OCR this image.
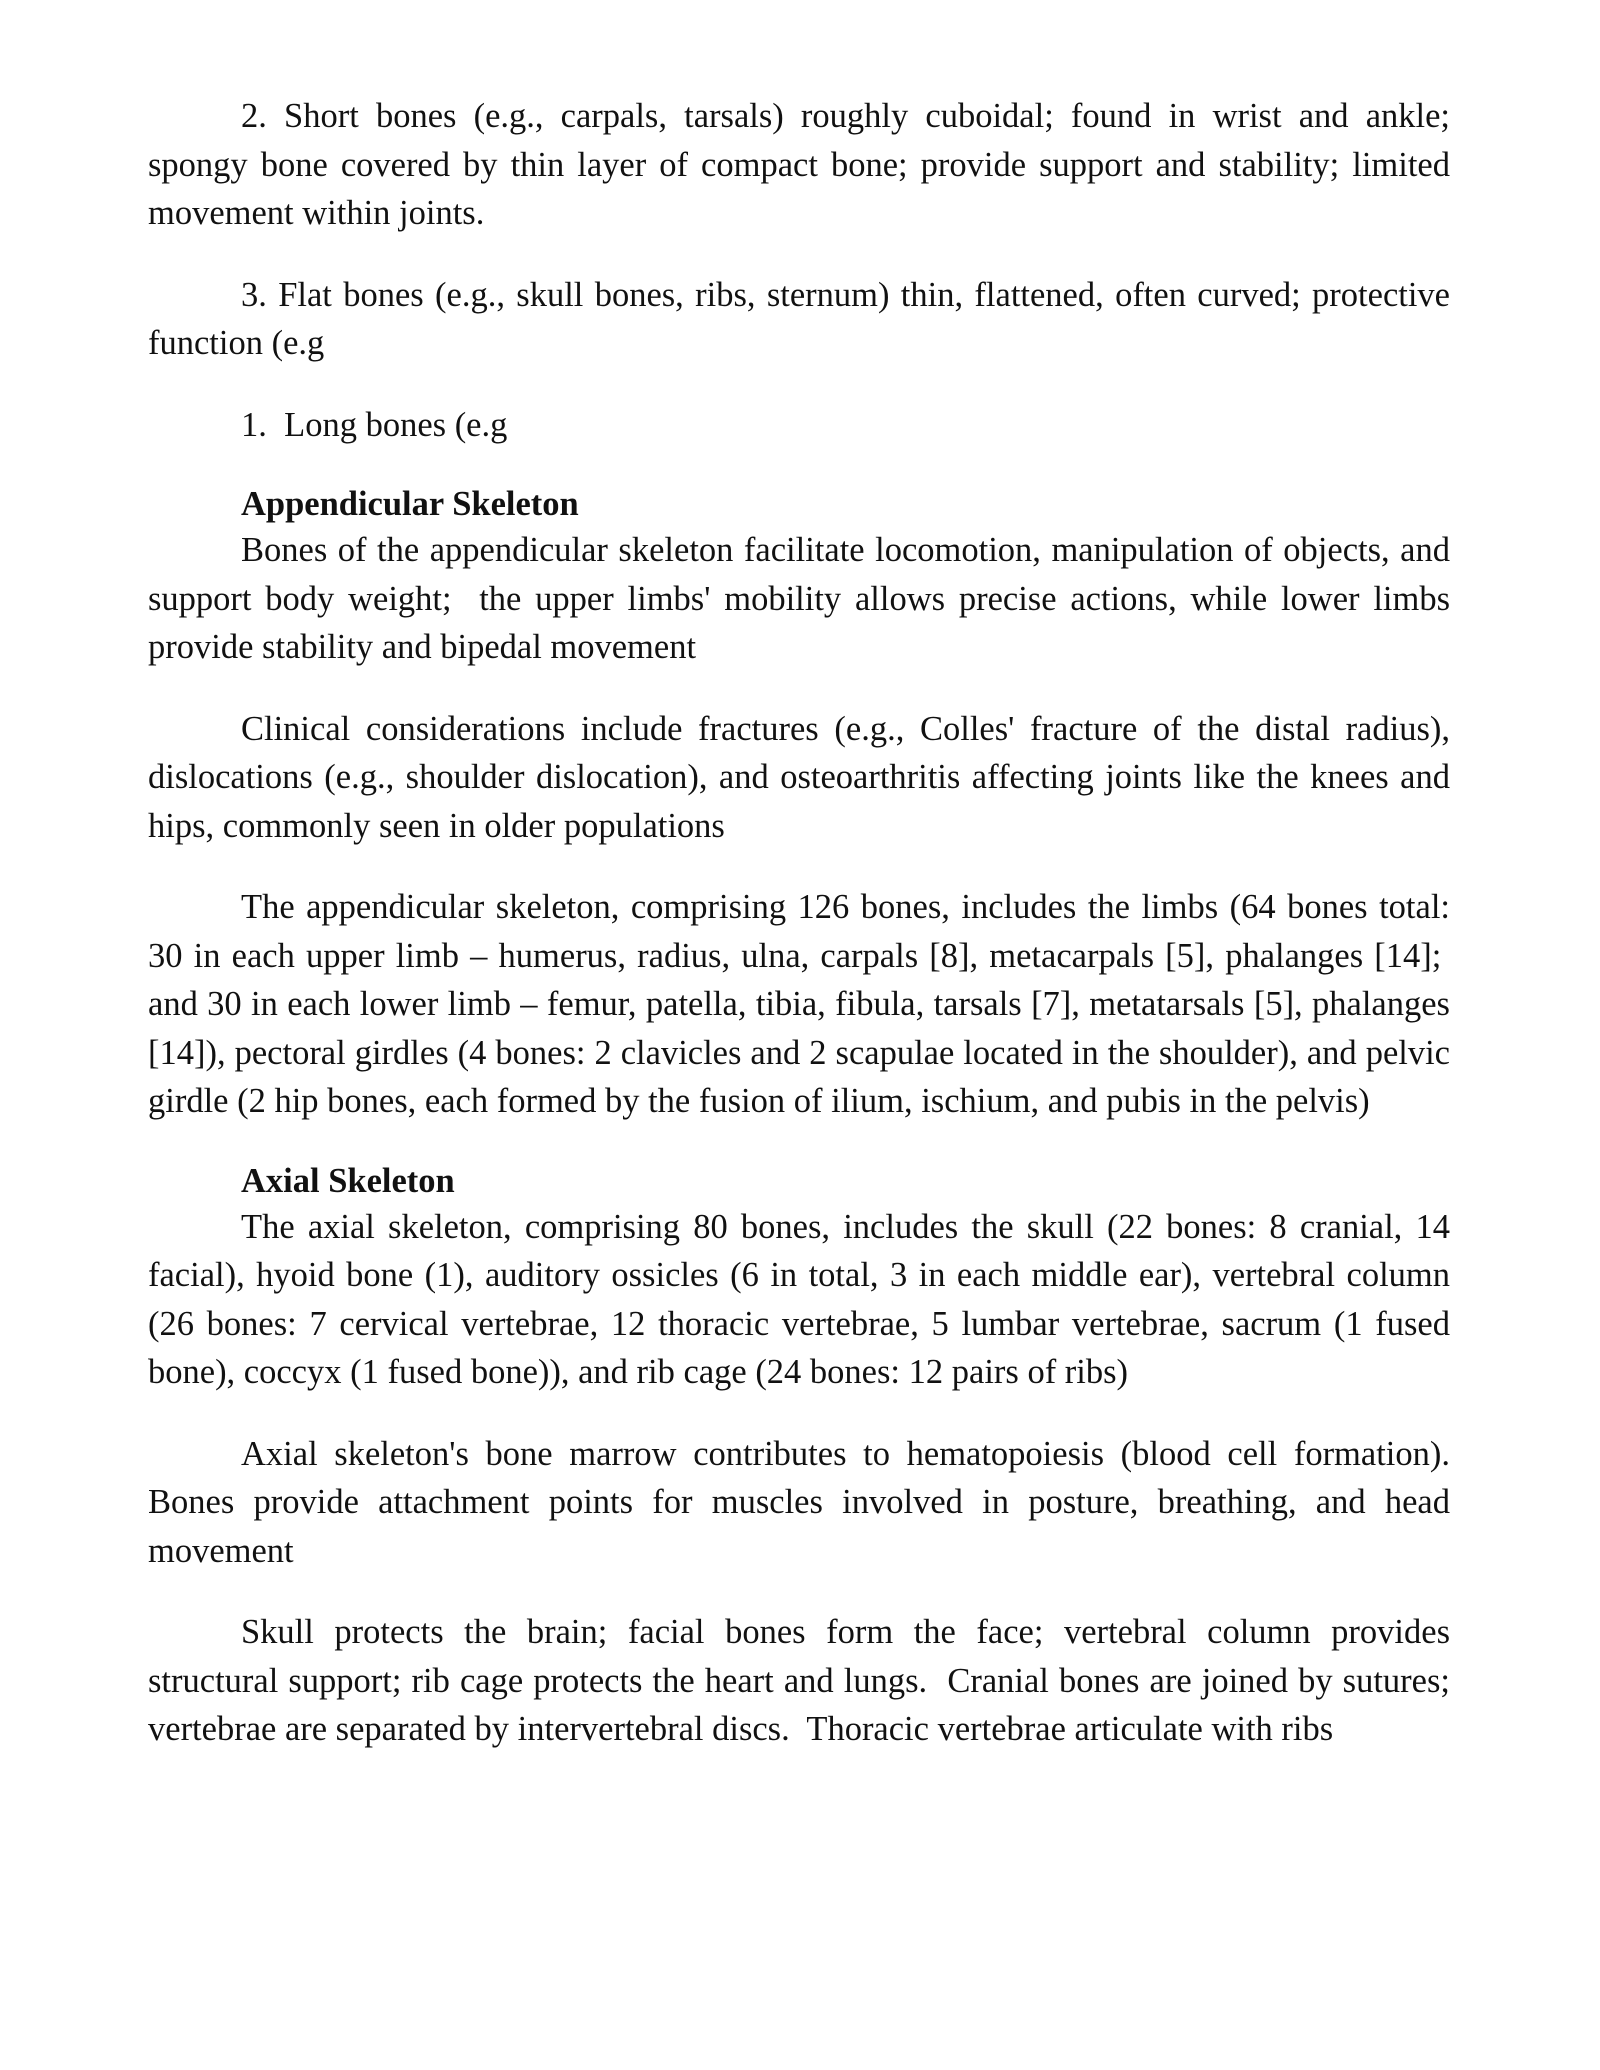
2. Short bones (e.g., carpals, tarsals) roughly cuboidal; found in wrist and ankle; spongy bone covered by thin layer of compact bone; provide support and stability; limited movement within joints.

3. Flat bones (e.g., skull bones, ribs, sternum) thin, flattened, often curved; protective function (e.g

1.  Long bones (e.g

Appendicular Skeleton

Bones of the appendicular skeleton facilitate locomotion, manipulation of objects, and support body weight;  the upper limbs' mobility allows precise actions, while lower limbs provide stability and bipedal movement

Clinical considerations include fractures (e.g., Colles' fracture of the distal radius), dislocations (e.g., shoulder dislocation), and osteoarthritis affecting joints like the knees and hips, commonly seen in older populations

The appendicular skeleton, comprising 126 bones, includes the limbs (64 bones total: 30 in each upper limb – humerus, radius, ulna, carpals [8], metacarpals [5], phalanges [14];  and 30 in each lower limb – femur, patella, tibia, fibula, tarsals [7], metatarsals [5], phalanges [14]), pectoral girdles (4 bones: 2 clavicles and 2 scapulae located in the shoulder), and pelvic girdle (2 hip bones, each formed by the fusion of ilium, ischium, and pubis in the pelvis)

Axial Skeleton

The axial skeleton, comprising 80 bones, includes the skull (22 bones: 8 cranial, 14 facial), hyoid bone (1), auditory ossicles (6 in total, 3 in each middle ear), vertebral column (26 bones: 7 cervical vertebrae, 12 thoracic vertebrae, 5 lumbar vertebrae, sacrum (1 fused bone), coccyx (1 fused bone)), and rib cage (24 bones: 12 pairs of ribs)

Axial skeleton's bone marrow contributes to hematopoiesis (blood cell formation). Bones provide attachment points for muscles involved in posture, breathing, and head movement

Skull protects the brain; facial bones form the face; vertebral column provides structural support; rib cage protects the heart and lungs.  Cranial bones are joined by sutures; vertebrae are separated by intervertebral discs.  Thoracic vertebrae articulate with ribs
